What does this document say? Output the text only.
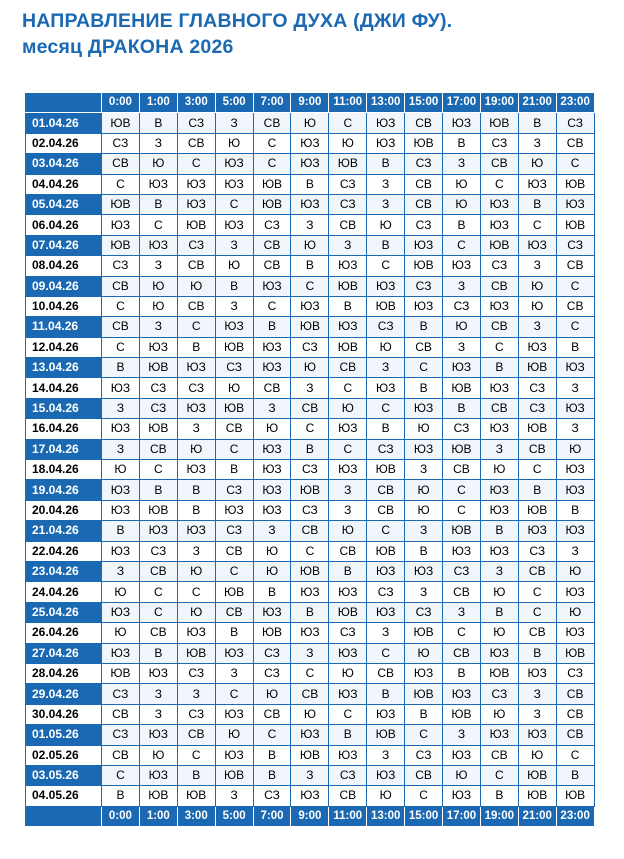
НАПРАВЛЕНИЕ ГЛАВНОГО ДУХА (ДЖИ ФУ).
месяц ДРАКОНА 2026
	0:00	1:00	3:00	5:00	7:00	9:00	11:00	13:00	15:00	17:00	19:00	21:00	23:00
01.04.26	ЮВ	В	СЗ	З	СВ	Ю	С	ЮЗ	СВ	ЮЗ	ЮВ	В	СЗ
02.04.26	СЗ	З	СВ	Ю	С	ЮЗ	Ю	ЮЗ	ЮВ	В	СЗ	З	СВ
03.04.26	СВ	Ю	С	ЮЗ	С	ЮЗ	ЮВ	В	СЗ	З	СВ	Ю	С
04.04.26	С	ЮЗ	ЮЗ	ЮЗ	ЮВ	В	СЗ	З	СВ	Ю	С	ЮЗ	ЮВ
05.04.26	ЮВ	В	ЮЗ	С	ЮВ	ЮЗ	СЗ	З	СВ	Ю	ЮЗ	В	ЮЗ
06.04.26	ЮЗ	С	ЮВ	ЮЗ	СЗ	З	СВ	Ю	СЗ	В	ЮЗ	С	ЮВ
07.04.26	ЮВ	ЮЗ	СЗ	З	СВ	Ю	З	В	ЮЗ	С	ЮВ	ЮЗ	СЗ
08.04.26	СЗ	З	СВ	Ю	СВ	В	ЮЗ	С	ЮВ	ЮЗ	СЗ	З	СВ
09.04.26	СВ	Ю	Ю	В	ЮЗ	С	ЮВ	ЮЗ	СЗ	З	СВ	Ю	С
10.04.26	С	Ю	СВ	З	С	ЮЗ	В	ЮВ	ЮЗ	СЗ	ЮЗ	Ю	СВ
11.04.26	СВ	З	С	ЮЗ	В	ЮВ	ЮЗ	СЗ	В	Ю	СВ	З	С
12.04.26	С	ЮЗ	В	ЮВ	ЮЗ	СЗ	ЮВ	Ю	СВ	З	С	ЮЗ	В
13.04.26	В	ЮВ	ЮЗ	СЗ	ЮЗ	Ю	СВ	З	С	ЮЗ	В	ЮВ	ЮЗ
14.04.26	ЮЗ	СЗ	СЗ	Ю	СВ	З	С	ЮЗ	В	ЮВ	ЮЗ	СЗ	З
15.04.26	З	СЗ	ЮЗ	ЮВ	З	СВ	Ю	С	ЮЗ	В	СВ	СЗ	ЮЗ
16.04.26	ЮЗ	ЮВ	З	СВ	Ю	С	ЮЗ	В	Ю	СЗ	ЮЗ	ЮВ	З
17.04.26	З	СВ	Ю	С	ЮЗ	В	С	СЗ	ЮЗ	ЮВ	З	СВ	Ю
18.04.26	Ю	С	ЮЗ	В	ЮЗ	СЗ	ЮЗ	ЮВ	З	СВ	Ю	С	ЮЗ
19.04.26	ЮЗ	В	В	СЗ	ЮЗ	ЮВ	З	СВ	Ю	С	ЮЗ	В	ЮЗ
20.04.26	ЮЗ	ЮВ	В	ЮЗ	ЮЗ	СЗ	З	СВ	Ю	С	ЮЗ	ЮВ	В
21.04.26	В	ЮЗ	ЮЗ	СЗ	З	СВ	Ю	С	З	ЮВ	В	ЮЗ	ЮЗ
22.04.26	ЮЗ	СЗ	З	СВ	Ю	С	СВ	ЮВ	В	ЮЗ	ЮЗ	СЗ	З
23.04.26	З	СВ	Ю	С	Ю	ЮВ	В	ЮЗ	ЮЗ	СЗ	З	СВ	Ю
24.04.26	Ю	С	С	ЮВ	В	ЮЗ	ЮЗ	СЗ	З	СВ	Ю	С	ЮЗ
25.04.26	ЮЗ	С	Ю	СВ	ЮЗ	В	ЮВ	ЮЗ	СЗ	З	В	С	Ю
26.04.26	Ю	СВ	ЮЗ	В	ЮВ	ЮЗ	СЗ	З	ЮВ	С	Ю	СВ	ЮЗ
27.04.26	ЮЗ	В	ЮВ	ЮЗ	СЗ	З	ЮЗ	С	Ю	СВ	ЮЗ	В	ЮВ
28.04.26	ЮВ	ЮЗ	СЗ	З	СЗ	С	Ю	СВ	ЮЗ	В	ЮВ	ЮЗ	СЗ
29.04.26	СЗ	З	З	С	Ю	СВ	ЮЗ	В	ЮВ	ЮЗ	СЗ	З	СВ
30.04.26	СВ	З	СЗ	ЮЗ	СВ	Ю	С	ЮЗ	В	ЮВ	Ю	З	СВ
01.05.26	СЗ	ЮЗ	СВ	Ю	С	ЮЗ	В	ЮВ	С	З	ЮЗ	ЮЗ	СВ
02.05.26	СВ	Ю	С	ЮЗ	В	ЮВ	ЮЗ	З	СЗ	ЮЗ	СВ	Ю	С
03.05.26	С	ЮЗ	В	ЮВ	В	З	СЗ	ЮЗ	СВ	Ю	С	ЮВ	В
04.05.26	В	ЮВ	ЮВ	З	СЗ	ЮЗ	СВ	Ю	С	ЮЗ	В	ЮВ	ЮВ
	0:00	1:00	3:00	5:00	7:00	9:00	11:00	13:00	15:00	17:00	19:00	21:00	23:00
